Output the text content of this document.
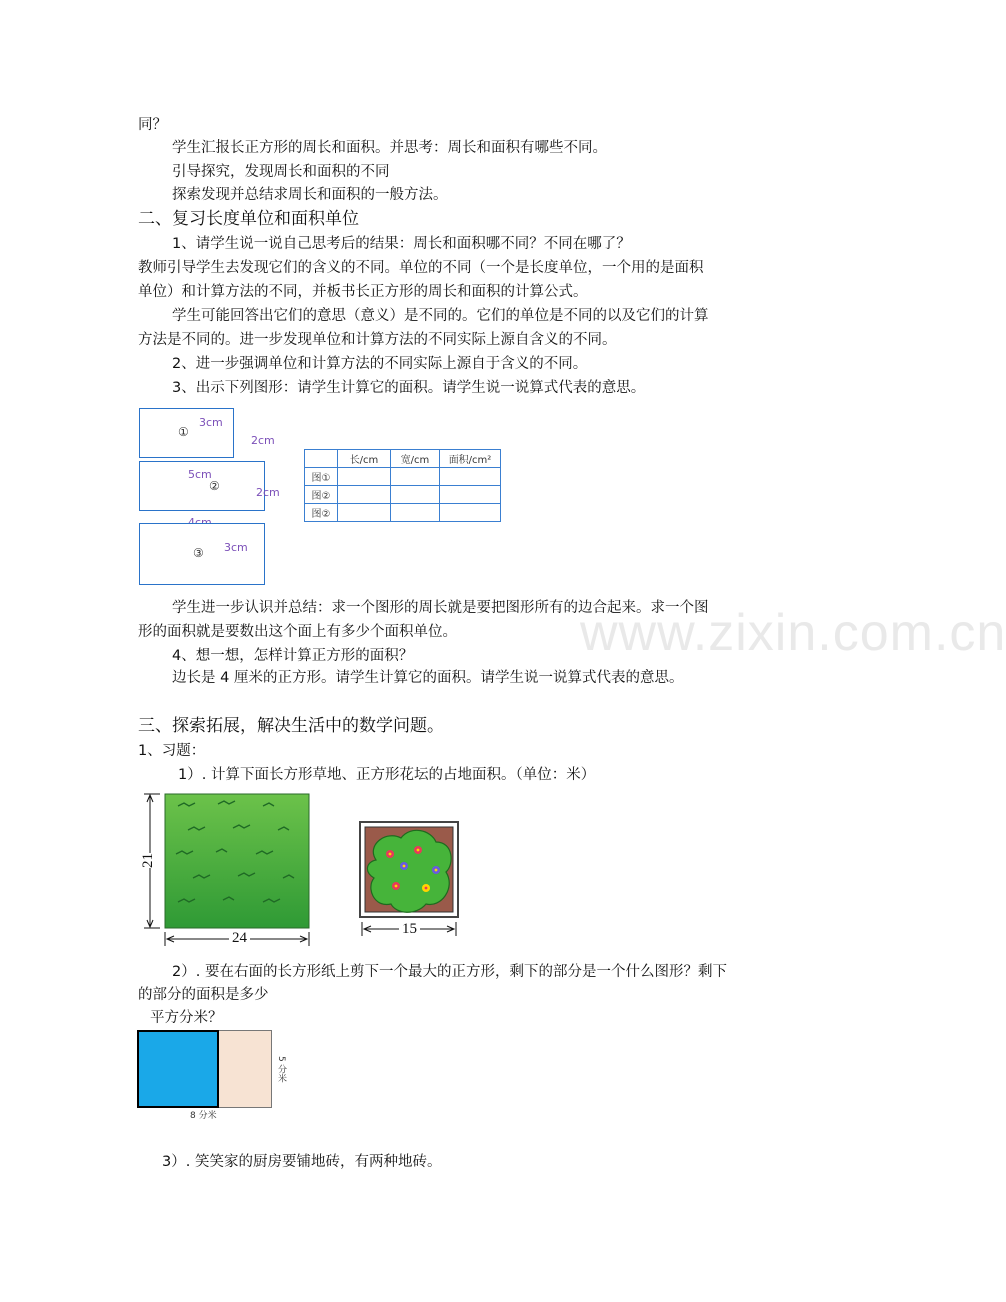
www.zixin.com.cn
同？
学生汇报长正方形的周长和面积。并思考：周长和面积有哪些不同。
引导探究，发现周长和面积的不同
探索发现并总结求周长和面积的一般方法。
二、复习长度单位和面积单位
1、请学生说一说自己思考后的结果：周长和面积哪不同？不同在哪了？
教师引导学生去发现它们的含义的不同。单位的不同（一个是长度单位，一个用的是面积
单位）和计算方法的不同，并板书长正方形的周长和面积的计算公式。
学生可能回答出它们的意思（意义）是不同的。它们的单位是不同的以及它们的计算
方法是不同的。进一步发现单位和计算方法的不同实际上源自含义的不同。
2、进一步强调单位和计算方法的不同实际上源自于含义的不同。
3、出示下列图形：请学生计算它的面积。请学生说一说算式代表的意思。
①
3cm
2cm
5cm
②	2cm
③ 3cm
	长/cm	宽/cm	面积/cm²
图①			
图②			
图②			
学生进一步认识并总结：求一个图形的周长就是要把图形所有的边合起来。求一个图
形的面积就是要数出这个面上有多少个面积单位。
4、想一想，怎样计算正方形的面积？
边长是 4 厘米的正方形。请学生计算它的面积。请学生说一说算式代表的意思。
三、探索拓展，解决生活中的数学问题。
1、习题：
1）. 计算下面长方形草地、正方形花坛的占地面积。（单位：米）
21
24
15
2）. 要在右面的长方形纸上剪下一个最大的正方形，剩下的部分是一个什么图形？剩下
的部分的面积是多少
平方分米？
5 分米
8 分米
3）. 笑笑家的厨房要铺地砖，有两种地砖。
